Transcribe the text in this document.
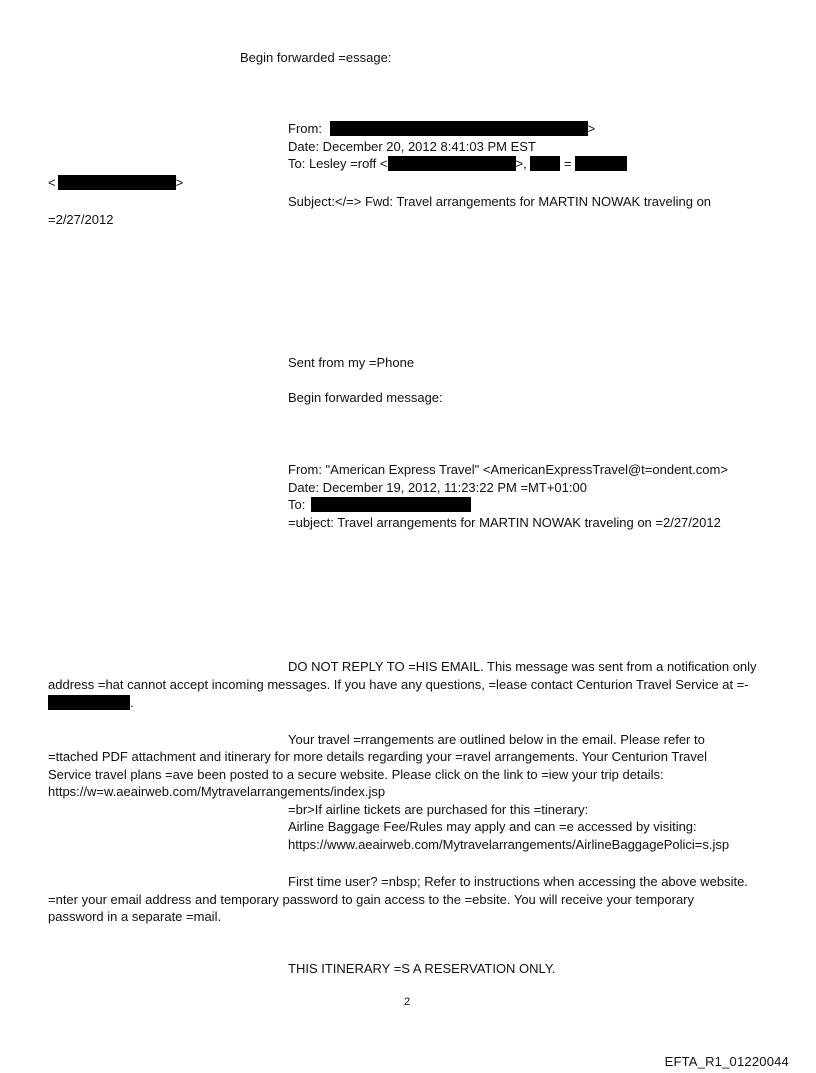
Begin forwarded =essage:

From:	>

Date: December 20, 2012 8:41:03 PM EST

To: Lesley =roff <	>,  =

<	>

Subject:</=> Fwd: Travel arrangements for MARTIN NOWAK traveling on

=2/27/2012

Sent from my =Phone

Begin forwarded message:

From: "American Express Travel" <AmericanExpressTravel@t=ondent.com>

Date: December 19, 2012, 11:23:22 PM =MT+01:00

To:

=ubject: Travel arrangements for MARTIN NOWAK traveling on =2/27/2012

DO NOT REPLY TO =HIS EMAIL. This message was sent from a notification only

address =hat cannot accept incoming messages. If you have any questions, =lease contact Centurion Travel Service at =-

.

Your travel =rrangements are outlined below in the email. Please refer to

=ttached PDF attachment and itinerary for more details regarding your =ravel arrangements. Your Centurion Travel

Service travel plans =ave been posted to a secure website. Please click on the link to =iew your trip details:

https://w=w.aeairweb.com/Mytravelarrangements/index.jsp

=br>If airline tickets are purchased for this =tinerary:

Airline Baggage Fee/Rules may apply and can =e accessed by visiting:

https://www.aeairweb.com/Mytravelarrangements/AirlineBaggagePolici=s.jsp

First time user? =nbsp; Refer to instructions when accessing the above website.

=nter your email address and temporary password to gain access to the =ebsite. You will receive your temporary

password in a separate =mail.

THIS ITINERARY =S A RESERVATION ONLY.

2
EFTA_R1_01220044
